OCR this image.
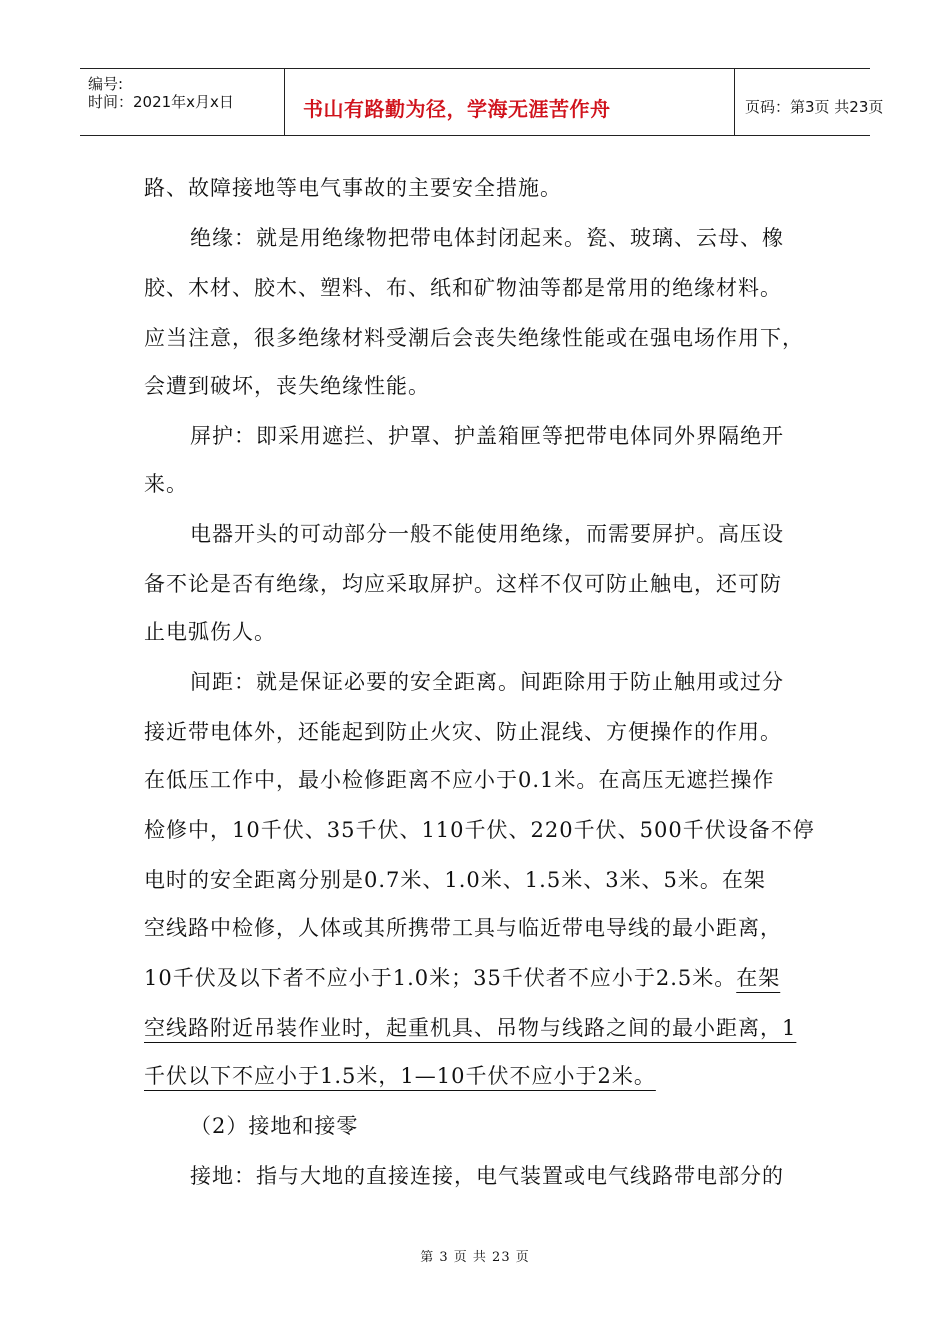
编号:
时间：2021年x月x日	书山有路勤为径，学海无涯苦作舟	页码：第3页 共23页
路、故障接地等电气事故的主要安全措施。
绝缘：就是用绝缘物把带电体封闭起来。瓷、玻璃、云母、橡
胶、木材、胶木、塑料、布、纸和矿物油等都是常用的绝缘材料。
应当注意，很多绝缘材料受潮后会丧失绝缘性能或在强电场作用下，
会遭到破坏，丧失绝缘性能。
屏护：即采用遮拦、护罩、护盖箱匣等把带电体同外界隔绝开
来。
电器开头的可动部分一般不能使用绝缘，而需要屏护。高压设
备不论是否有绝缘，均应采取屏护。这样不仅可防止触电，还可防
止电弧伤人。
间距：就是保证必要的安全距离。间距除用于防止触用或过分
接近带电体外，还能起到防止火灾、防止混线、方便操作的作用。
在低压工作中，最小检修距离不应小于0.1米。在高压无遮拦操作
检修中，10千伏、35千伏、110千伏、220千伏、500千伏设备不停
电时的安全距离分别是0.7米、1.0米、1.5米、3米、5米。在架
空线路中检修，人体或其所携带工具与临近带电导线的最小距离，
10千伏及以下者不应小于1.0米；35千伏者不应小于2.5米。在架
空线路附近吊装作业时，起重机具、吊物与线路之间的最小距离，1
千伏以下不应小于1.5米，1—10千伏不应小于2米。
（2）接地和接零
接地：指与大地的直接连接，电气装置或电气线路带电部分的
第 3 页 共 23 页
